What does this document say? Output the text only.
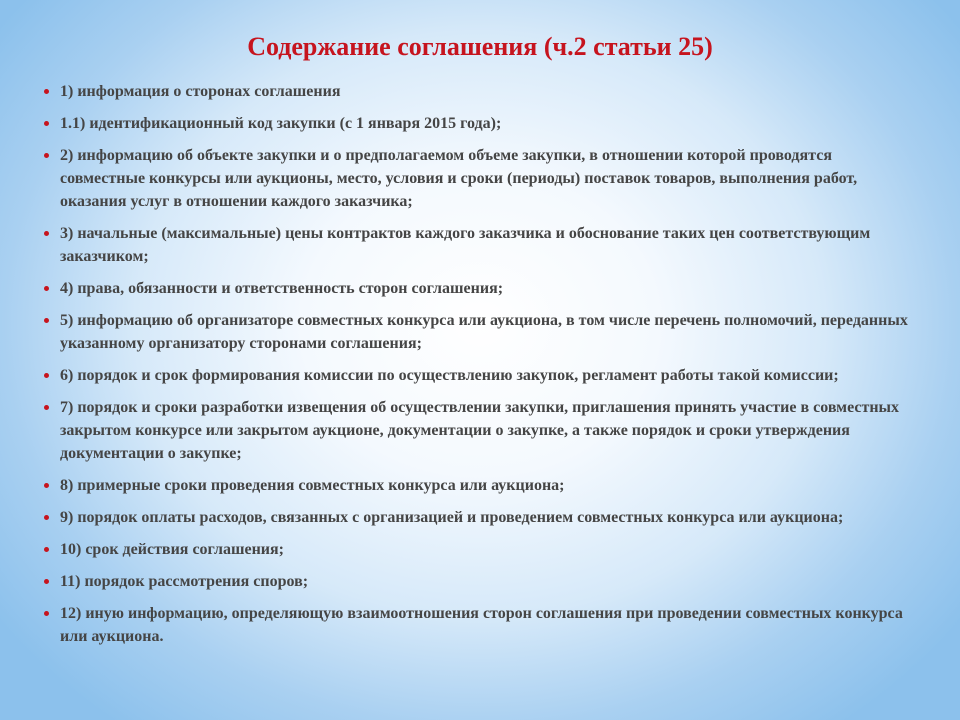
Содержание соглашения (ч.2 статьи 25)
1) информация о сторонах соглашения
1.1) идентификационный код закупки (с 1 января 2015 года);
2) информацию об объекте закупки и о предполагаемом объеме закупки, в отношении которой проводятся совместные конкурсы или аукционы, место, условия и сроки (периоды) поставок товаров, выполнения работ, оказания услуг в отношении каждого заказчика;
3) начальные (максимальные) цены контрактов каждого заказчика и обоснование таких цен соответствующим заказчиком;
4) права, обязанности и ответственность сторон соглашения;
5) информацию об организаторе совместных конкурса или аукциона, в том числе перечень полномочий, переданных указанному организатору сторонами соглашения;
6) порядок и срок формирования комиссии по осуществлению закупок, регламент работы такой комиссии;
7) порядок и сроки разработки извещения об осуществлении закупки, приглашения принять участие в совместных закрытом конкурсе или закрытом аукционе, документации о закупке, а также порядок и сроки утверждения документации о закупке;
8) примерные сроки проведения совместных конкурса или аукциона;
9) порядок оплаты расходов, связанных с организацией и проведением совместных конкурса или аукциона;
10) срок действия соглашения;
11) порядок рассмотрения споров;
12) иную информацию, определяющую взаимоотношения сторон соглашения при проведении совместных конкурса или аукциона.
